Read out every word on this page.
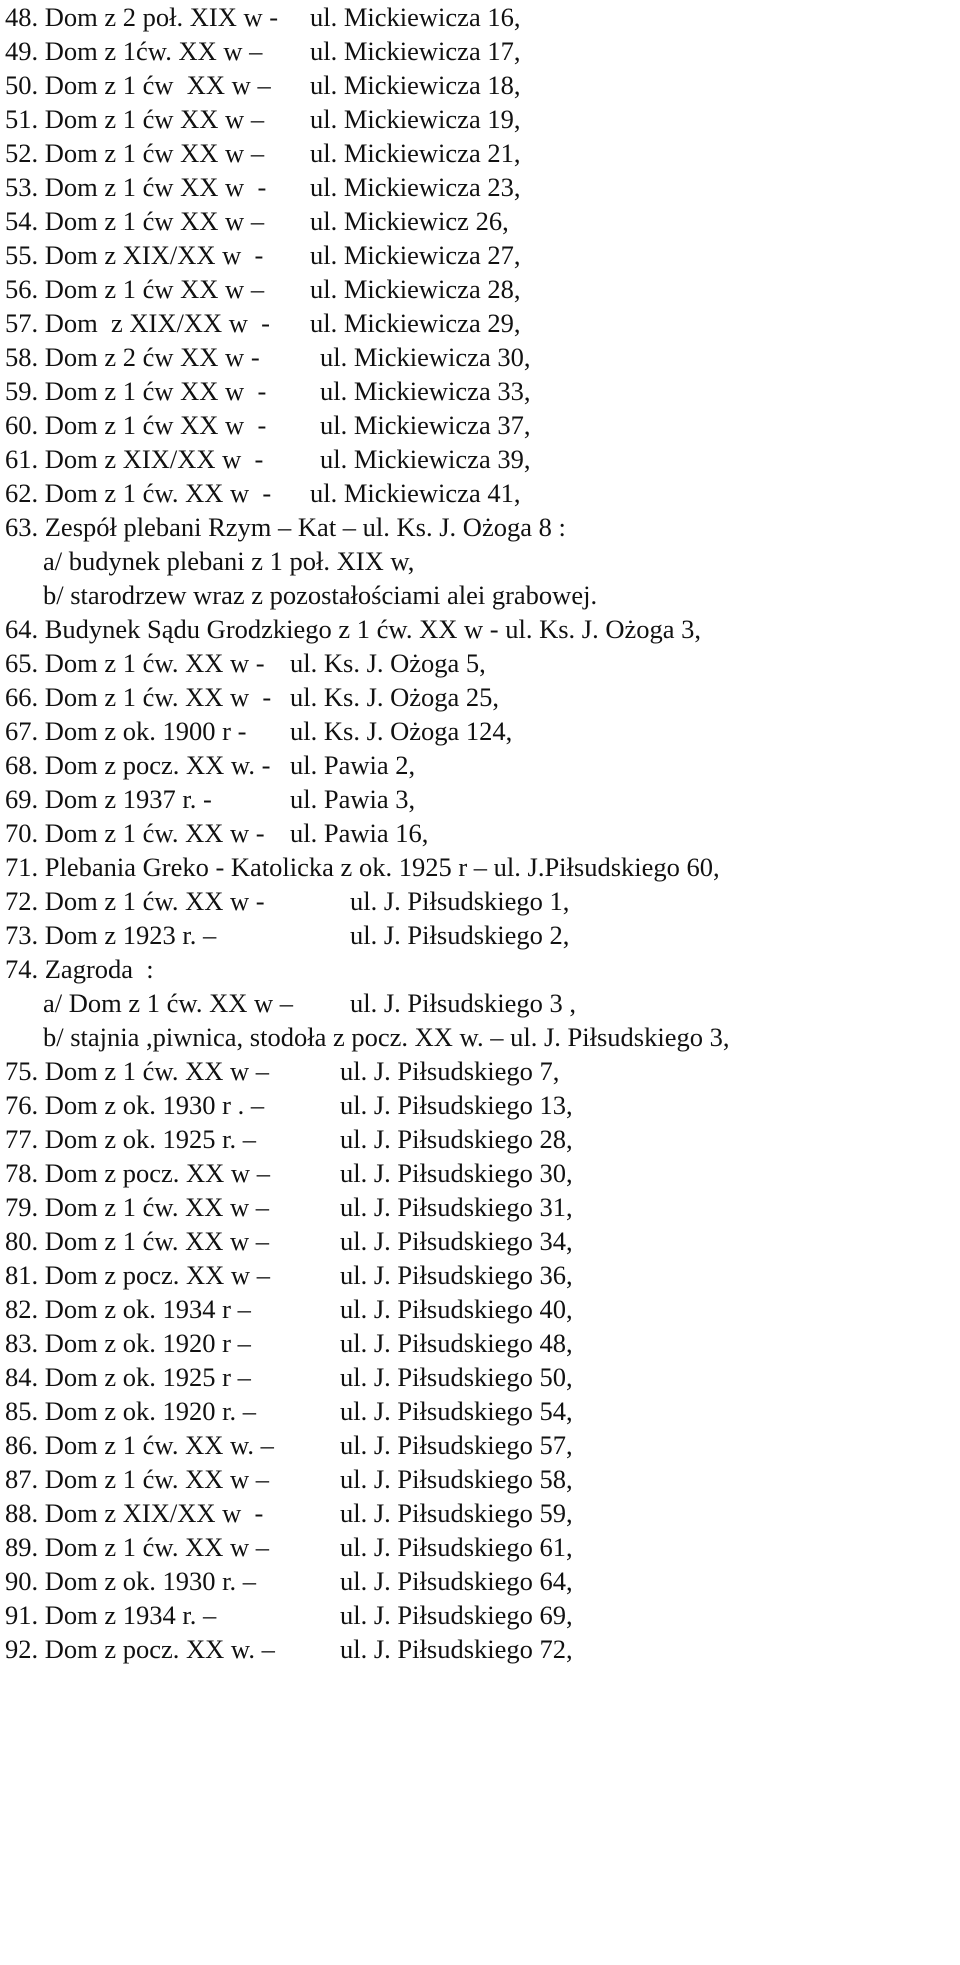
48. Dom z 2 poł. XIX w - ul. Mickiewicza 16,
49. Dom z 1ćw. XX w – ul. Mickiewicza 17,
50. Dom z 1 ćw  XX w – ul. Mickiewicza 18,
51. Dom z 1 ćw XX w – ul. Mickiewicza 19,
52. Dom z 1 ćw XX w – ul. Mickiewicza 21,
53. Dom z 1 ćw XX w  - ul. Mickiewicza 23,
54. Dom z 1 ćw XX w – ul. Mickiewicz 26,
55. Dom z XIX/XX w  - ul. Mickiewicza 27,
56. Dom z 1 ćw XX w – ul. Mickiewicza 28,
57. Dom  z XIX/XX w  - ul. Mickiewicza 29,
58. Dom z 2 ćw XX w - ul. Mickiewicza 30,
59. Dom z 1 ćw XX w  - ul. Mickiewicza 33,
60. Dom z 1 ćw XX w  - ul. Mickiewicza 37,
61. Dom z XIX/XX w  - ul. Mickiewicza 39,
62. Dom z 1 ćw. XX w  - ul. Mickiewicza 41,
63. Zespół plebani Rzym – Kat – ul. Ks. J. Ożoga 8 :
a/ budynek plebani z 1 poł. XIX w,
b/ starodrzew wraz z pozostałościami alei grabowej.
64. Budynek Sądu Grodzkiego z 1 ćw. XX w - ul. Ks. J. Ożoga 3,
65. Dom z 1 ćw. XX w - ul. Ks. J. Ożoga 5,
66. Dom z 1 ćw. XX w  - ul. Ks. J. Ożoga 25,
67. Dom z ok. 1900 r - ul. Ks. J. Ożoga 124,
68. Dom z pocz. XX w. - ul. Pawia 2,
69. Dom z 1937 r. -	ul. Pawia 3,
70. Dom z 1 ćw. XX w - ul. Pawia 16,
71. Plebania Greko - Katolicka z ok. 1925 r – ul. J.Piłsudskiego 60,
72. Dom z 1 ćw. XX w -	ul. J. Piłsudskiego 1,
73. Dom z 1923 r. –	ul. J. Piłsudskiego 2,
74. Zagroda  :
a/ Dom z 1 ćw. XX w – ul. J. Piłsudskiego 3 ,
b/ stajnia ,piwnica, stodoła z pocz. XX w. – ul. J. Piłsudskiego 3,
75. Dom z 1 ćw. XX w –	ul. J. Piłsudskiego 7,
76. Dom z ok. 1930 r . –	ul. J. Piłsudskiego 13,
77. Dom z ok. 1925 r. –	ul. J. Piłsudskiego 28,
78. Dom z pocz. XX w –	ul. J. Piłsudskiego 30,
79. Dom z 1 ćw. XX w –	ul. J. Piłsudskiego 31,
80. Dom z 1 ćw. XX w –	ul. J. Piłsudskiego 34,
81. Dom z pocz. XX w –	ul. J. Piłsudskiego 36,
82. Dom z ok. 1934 r –	ul. J. Piłsudskiego 40,
83. Dom z ok. 1920 r –	ul. J. Piłsudskiego 48,
84. Dom z ok. 1925 r –	ul. J. Piłsudskiego 50,
85. Dom z ok. 1920 r. –	ul. J. Piłsudskiego 54,
86. Dom z 1 ćw. XX w. – ul. J. Piłsudskiego 57,
87. Dom z 1 ćw. XX w –	ul. J. Piłsudskiego 58,
88. Dom z XIX/XX w  -	ul. J. Piłsudskiego 59,
89. Dom z 1 ćw. XX w –	ul. J. Piłsudskiego 61,
90. Dom z ok. 1930 r. –	ul. J. Piłsudskiego 64,
91. Dom z 1934 r. –	ul. J. Piłsudskiego 69,
92. Dom z pocz. XX w. – ul. J. Piłsudskiego 72,
